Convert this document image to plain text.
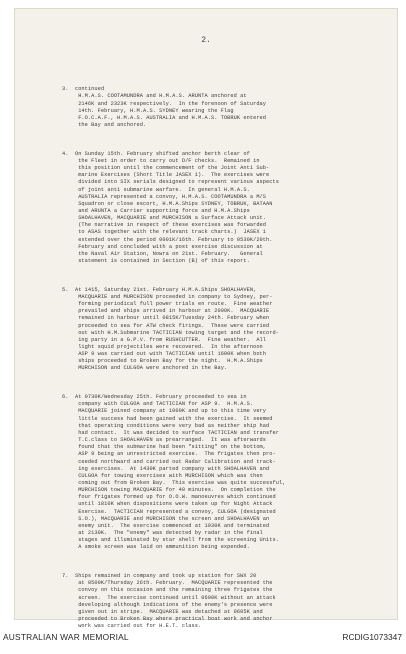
2.

3.  continued
H.M.A.S. COOTAMUNDRA and H.M.A.S. ARUNTA anchored at
2146K and 2323K respectively.  In the forenoon of Saturday
14th. February, H.M.A.S. SYDNEY wearing the Flag
F.O.C.A.F., H.M.A.S. AUSTRALIA and H.M.A.S. TOBRUK entered
the Bay and anchored.

4.  On Sunday 15th. February shifted anchor berth clear of
the Fleet in order to carry out D/F checks.  Remained in
this position until the commencement of the Joint Anti Sub-
marine Exercises (Short Title JASEX 1).  The exercises were
divided into SIX serials designed to represent various aspects
of joint anti submarine warfare.  In general H.M.A.S.
AUSTRALIA represented a convoy, H.M.A.S. COOTAMUNDRA a M/S
Squadron or close escort, H.M.A.Ships SYDNEY, TOBRUK, BATAAN
and ARUNTA a Carrier supporting force and H.M.A.Ships
SHOALHAVEN, MACQUARIE and MURCHISON a Surface Attack unit.
(The narrative in respect of these exercises was forwarded
to ASAS together with the relevant track charts.)  JASEX 1
extended over the period 0001K/16th. February to 0530K/20th.
February and concluded with a post exercise discussion at
the Naval Air Station, Nowra on 21st. February.   General
statement is contained in Section (B) of this report.

5.  At 1415, Saturday 21st. February H.M.A.Ships SHOALHAVEN,
MACQUARIE and MURCHISON proceeded in company to Sydney, per-
forming periodical full power trials en route.  Fine weather
prevailed and ships arrived in harbour at 2000K.  MACQUARIE
remained in harbour until 0815K/Tuesday 24th. February when
proceeded to sea for ATW check firings.  These were carried
out with H.M.Submarine TACTICIAN towing target and the record-
ing party in a G.P.V. from RUSHCUTTER.  Fine weather.  All
light squid projectiles were recovered.  In the afternoon
ASP 9 was carried out with TACTICIAN until 1600K when both
ships proceeded to Broken Bay for the night.  H.M.A.Ships
MURCHISON and CULGOA were anchored in the Bay.

6.  At 0730K/Wednesday 25th. February proceeded to sea in
company with CULGOA and TACTICIAN for ASP 9.  H.M.A.S.
MACQUARIE joined company at 1000K and up to this time very
little success had been gained with the exercise.  It seemed
that operating conditions were very bad as neither ship had
had contact.  It was decided to surface TACTICIAN and transfer
T.C.class to SHOALHAVEN as prearranged.  It was afterwards
found that the submarine had been "sitting" on the bottom,
ASP 9 being an unrestricted exercise.  The frigates then pro-
ceeded northward and carried out Radar Calibration and track-
ing exercises.  At 1430K parted company with SHOALHAVEN and
CULGOA for towing exercises with MURCHISON which was then
coming out from Broken Bay.  This exercise was quite successful,
MURCHISON towing MACQUARIE for 40 minutes.  On completion the
four frigates formed up for O.O.W. manoeuvres which continued
until 1810K when dispositions were taken up for Night Attack
Exercise.  TACTICIAN represented a convoy, CULGOA (designated
S.O.), MACQUARIE and MURCHISON the screen and SHOALHAVEN an
enemy unit.  The exercise commenced at 1930K and terminated
at 2130K.  The "enemy" was detected by radar in the final
stages and illuminated by star shell from the screening Units.
A smoke screen was laid on ammunition being expended.

7.  Ships remained in company and took up station for SWX 20
at 0500K/Thursday 26th. February.  MACQUARIE represented the
convoy on this occasion and the remaining three frigates the
screen.  The exercise continued until 0600K without an attack
developing although indications of the enemy's presence were
given out in stripe.  MACQUARIE was detached at 0605K and
proceeded to Broken Bay where practical boat work and anchor
work was carried out for H.E.T. class.

AUSTRALIAN WAR MEMORIAL	RCDIG1073347
